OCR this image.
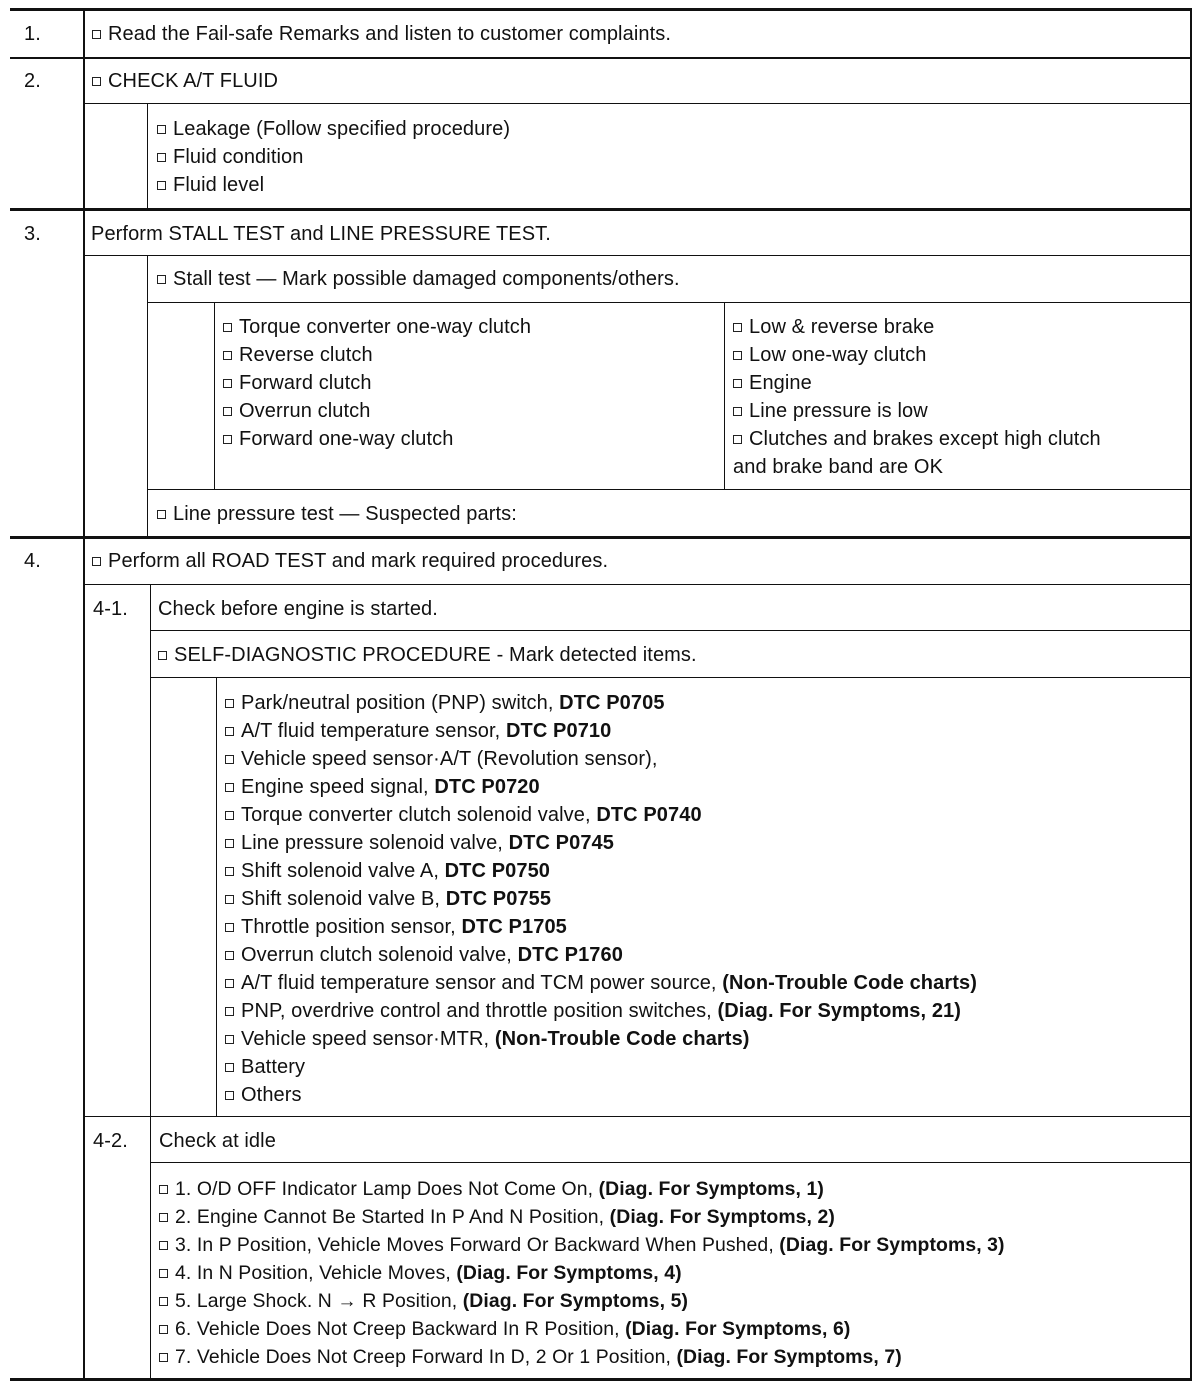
1.	Read the Fail-safe Remarks and listen to customer complaints.
2.	CHECK A/T FLUID
Leakage (Follow specified procedure)
Fluid condition
Fluid level
3.	Perform STALL TEST and LINE PRESSURE TEST.
Stall test — Mark possible damaged components/others.
Torque converter one-way clutch
Reverse clutch
Forward clutch
Overrun clutch
Forward one-way clutch
Low & reverse brake
Low one-way clutch
Engine
Line pressure is low
Clutches and brakes except high clutch
and brake band are OK
Line pressure test — Suspected parts:
4.	Perform all ROAD TEST and mark required procedures.
4-1. Check before engine is started.
SELF-DIAGNOSTIC PROCEDURE - Mark detected items.
Park/neutral position (PNP) switch, DTC P0705
A/T fluid temperature sensor, DTC P0710
Vehicle speed sensor·A/T (Revolution sensor),
Engine speed signal, DTC P0720
Torque converter clutch solenoid valve, DTC P0740
Line pressure solenoid valve, DTC P0745
Shift solenoid valve A, DTC P0750
Shift solenoid valve B, DTC P0755
Throttle position sensor, DTC P1705
Overrun clutch solenoid valve, DTC P1760
A/T fluid temperature sensor and TCM power source, (Non-Trouble Code charts)
PNP, overdrive control and throttle position switches, (Diag. For Symptoms, 21)
Vehicle speed sensor·MTR, (Non-Trouble Code charts)
Battery
Others
4-2. Check at idle
1. O/D OFF Indicator Lamp Does Not Come On, (Diag. For Symptoms, 1)
2. Engine Cannot Be Started In P And N Position, (Diag. For Symptoms, 2)
3. In P Position, Vehicle Moves Forward Or Backward When Pushed, (Diag. For Symptoms, 3)
4. In N Position, Vehicle Moves, (Diag. For Symptoms, 4)
5. Large Shock. N → R Position, (Diag. For Symptoms, 5)
6. Vehicle Does Not Creep Backward In R Position, (Diag. For Symptoms, 6)
7. Vehicle Does Not Creep Forward In D, 2 Or 1 Position, (Diag. For Symptoms, 7)
